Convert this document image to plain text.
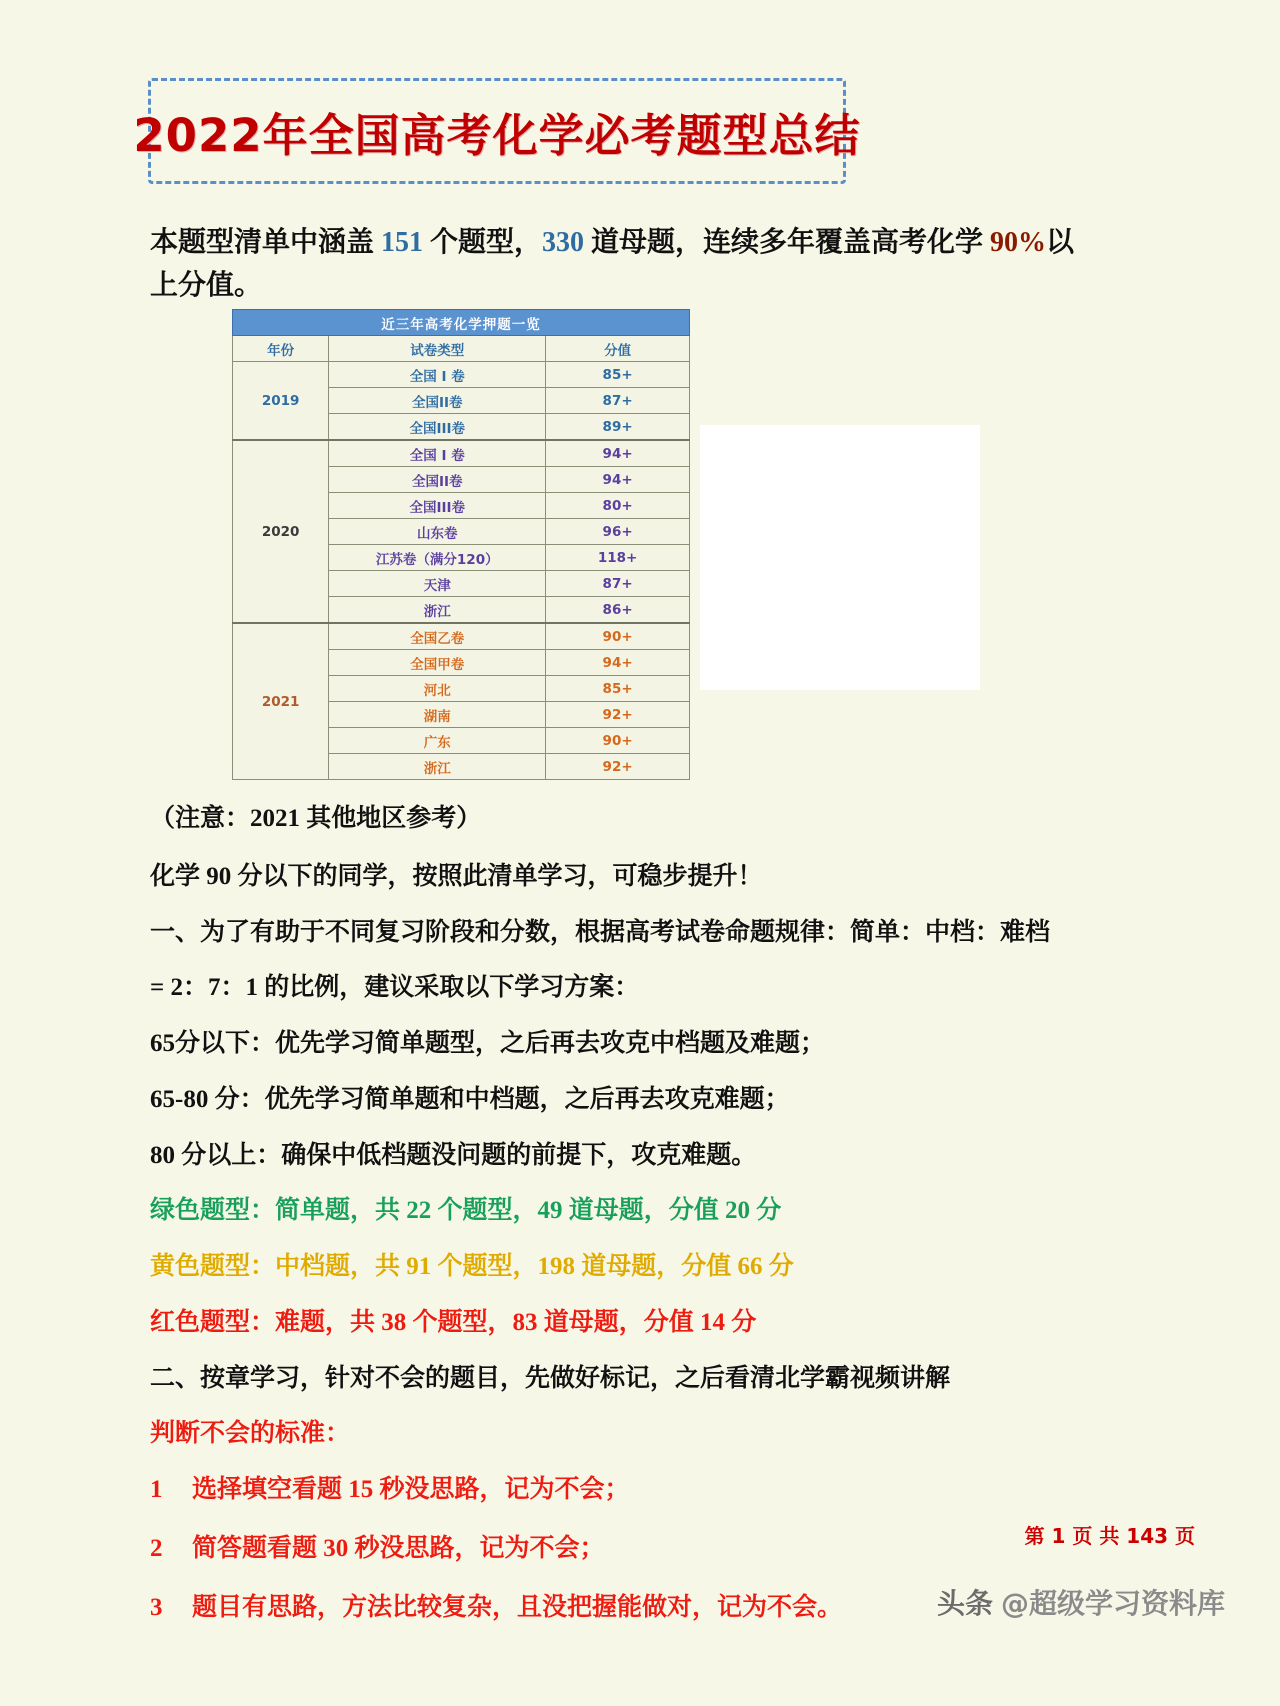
2022年全国高考化学必考题型总结
本题型清单中涵盖 151 个题型，330 道母题，连续多年覆盖高考化学 90%以上分值。
近三年高考化学押题一览		
年份	试卷类型	分值
2019	全国 I 卷	85+
	全国II卷	87+
	全国III卷	89+
2020	全国 I 卷	94+
	全国II卷	94+
	全国III卷	80+
	山东卷	96+
	江苏卷（满分120）	118+
	天津	87+
	浙江	86+
2021	全国乙卷	90+
	全国甲卷	94+
	河北	85+
	湖南	92+
	广东	90+
	浙江	92+

（注意：2021 其他地区参考）

化学 90 分以下的同学，按照此清单学习，可稳步提升！

一、为了有助于不同复习阶段和分数，根据高考试卷命题规律：简单：中档：难档

= 2：7：1 的比例，建议采取以下学习方案：

65分以下：优先学习简单题型，之后再去攻克中档题及难题；

65-80 分：优先学习简单题和中档题，之后再去攻克难题；

80 分以上：确保中低档题没问题的前提下，攻克难题。

绿色题型：简单题，共 22 个题型，49 道母题，分值 20 分

黄色题型：中档题，共 91 个题型，198 道母题，分值 66 分

红色题型：难题，共 38 个题型，83 道母题，分值 14 分

二、按章学习，针对不会的题目，先做好标记，之后看清北学霸视频讲解

判断不会的标准：

1 选择填空看题 15 秒没思路，记为不会；

2 简答题看题 30 秒没思路，记为不会；

3 题目有思路，方法比较复杂，且没把握能做对，记为不会。

第 1 页 共 143 页
头条 @超级学习资料库
